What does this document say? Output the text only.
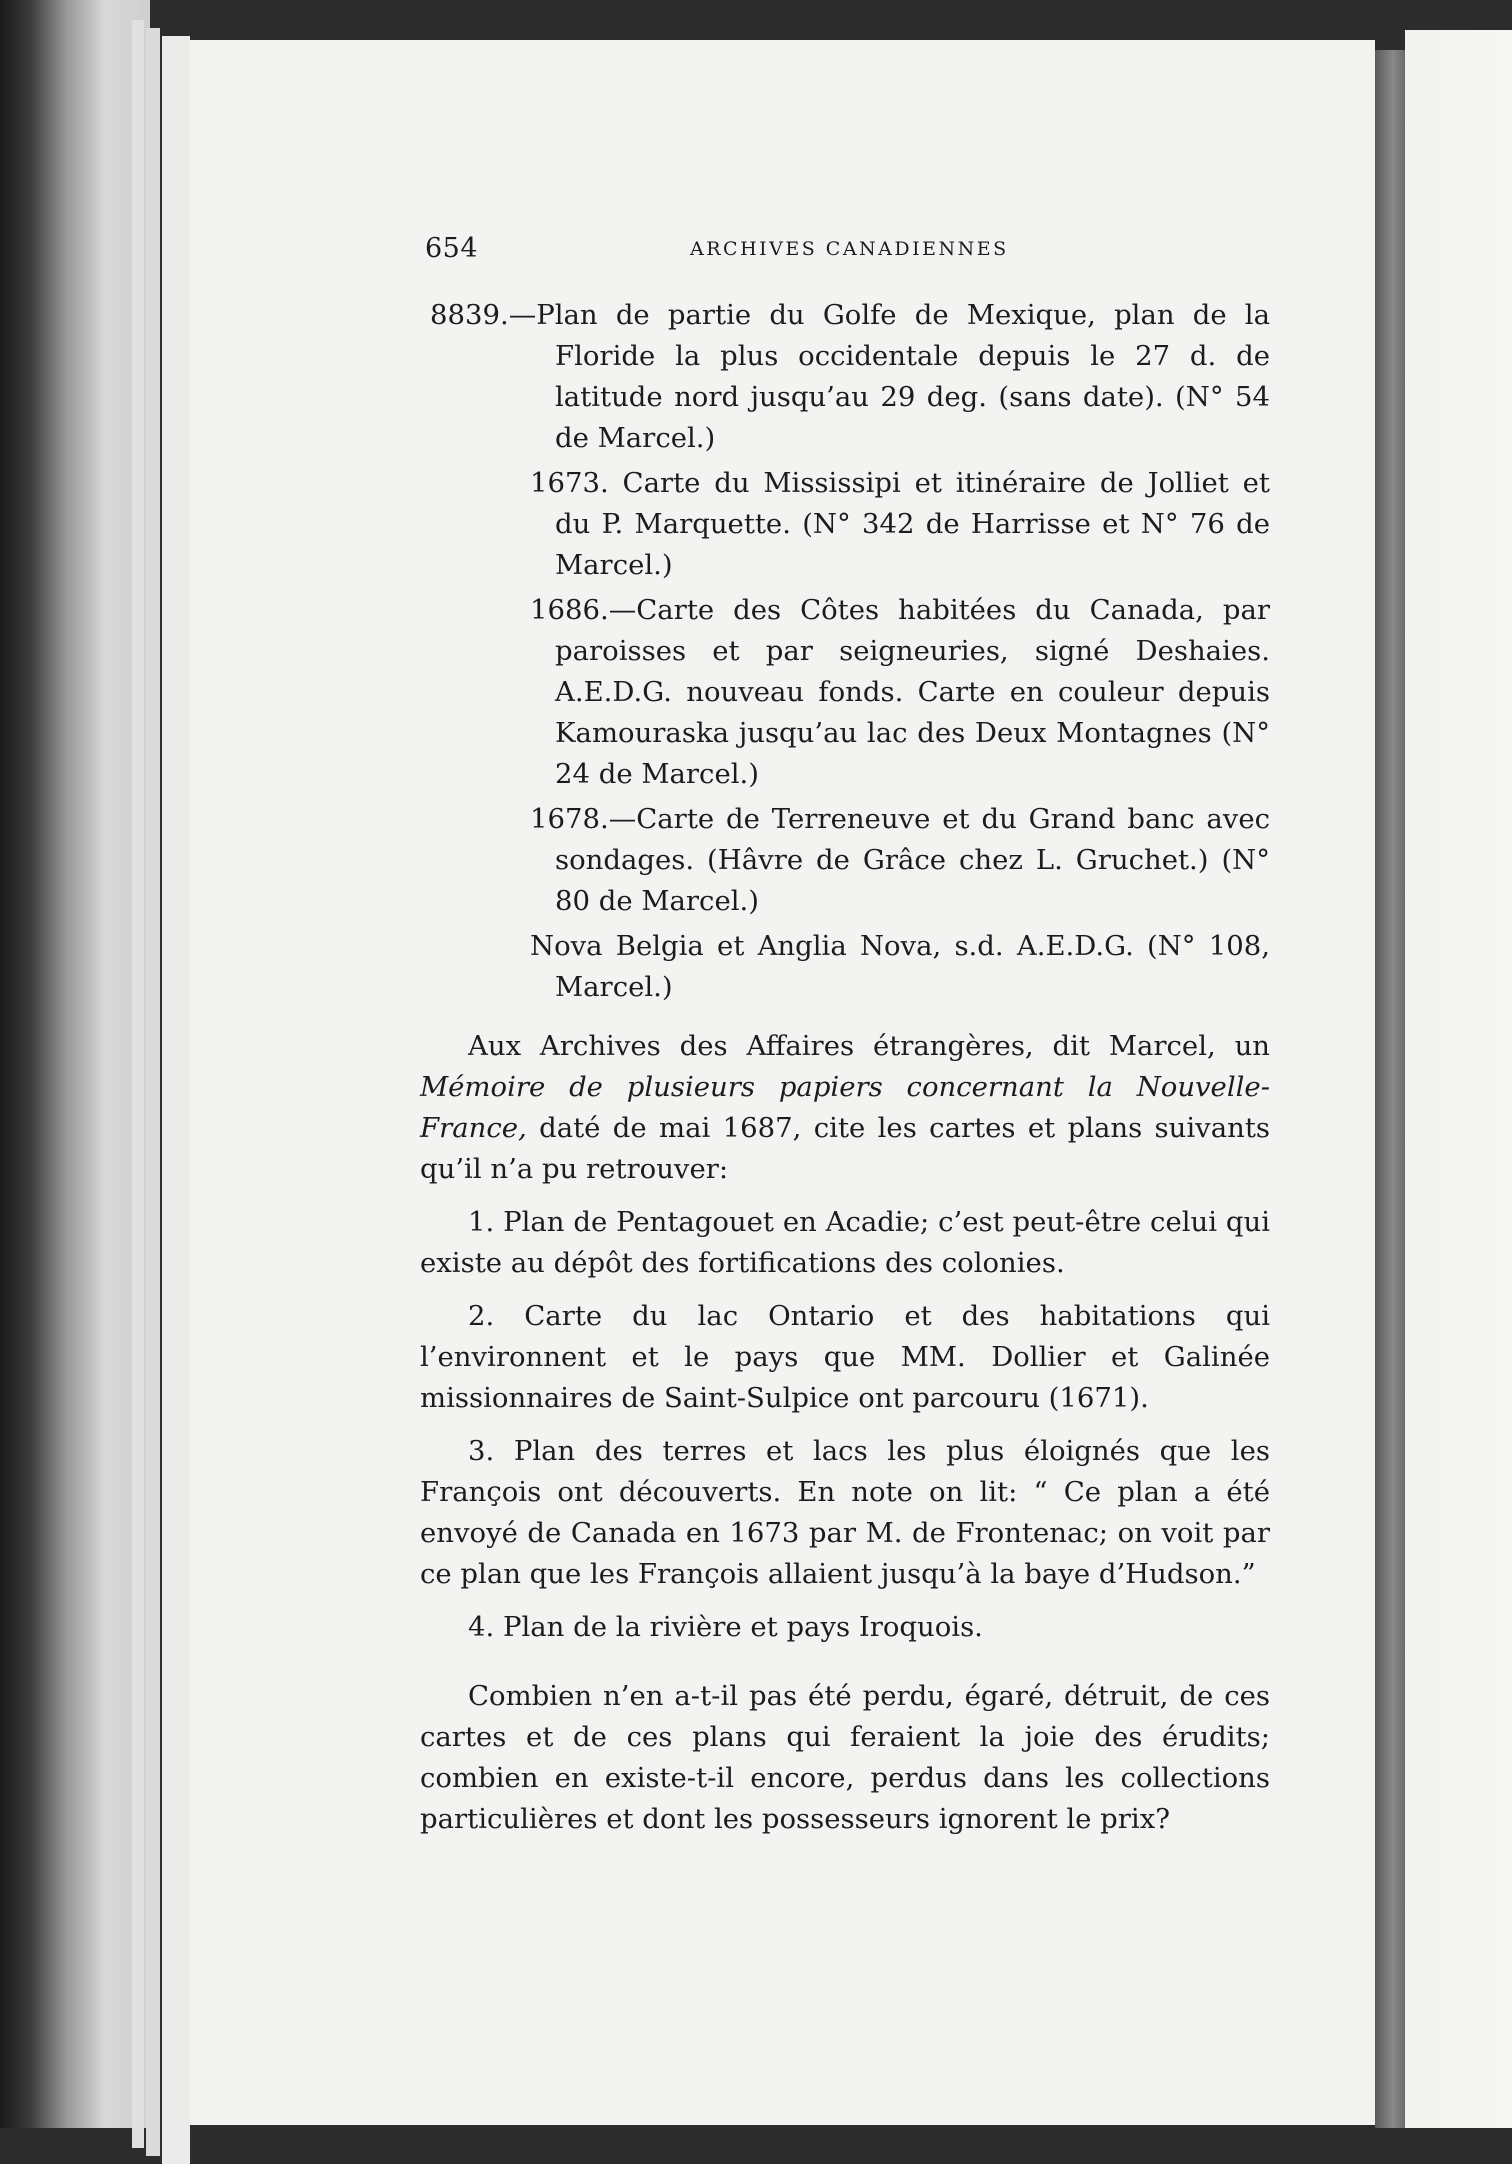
654	ARCHIVES CANADIENNES

8839.—Plan de partie du Golfe de Mexique, plan de la Floride la plus occidentale depuis le 27 d. de latitude nord jusqu’au 29 deg. (sans date). (N° 54 de Marcel.)

1673. Carte du Mississipi et itinéraire de Jolliet et du P. Marquette. (N° 342 de Harrisse et N° 76 de Marcel.)

1686.—Carte des Côtes habitées du Canada, par paroisses et par seigneuries, signé Deshaies. A.E.D.G. nouveau fonds. Carte en couleur depuis Kamouraska jusqu’au lac des Deux Montagnes (N° 24 de Marcel.)

1678.—Carte de Terreneuve et du Grand banc avec sondages. (Hâvre de Grâce chez L. Gruchet.) (N° 80 de Marcel.)

Nova Belgia et Anglia Nova, s.d. A.E.D.G. (N° 108, Marcel.)

Aux Archives des Affaires étrangères, dit Marcel, un Mémoire de plusieurs papiers concernant la Nouvelle-France, daté de mai 1687, cite les cartes et plans suivants qu’il n’a pu retrouver:

1. Plan de Pentagouet en Acadie; c’est peut-être celui qui existe au dépôt des fortifications des colonies.

2. Carte du lac Ontario et des habitations qui l’environnent et le pays que MM. Dollier et Galinée missionnaires de Saint-Sulpice ont parcouru (1671).

3. Plan des terres et lacs les plus éloignés que les François ont découverts. En note on lit: “ Ce plan a été envoyé de Canada en 1673 par M. de Frontenac; on voit par ce plan que les François allaient jusqu’à la baye d’Hudson.”

4. Plan de la rivière et pays Iroquois.

Combien n’en a-t-il pas été perdu, égaré, détruit, de ces cartes et de ces plans qui feraient la joie des érudits; combien en existe-t-il encore, perdus dans les collections particulières et dont les possesseurs ignorent le prix?
